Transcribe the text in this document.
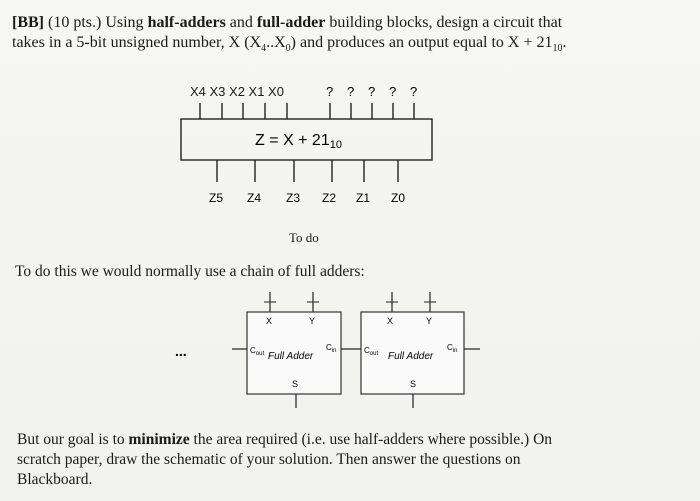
[BB] (10 pts.) Using half-adders and full-adder building blocks, design a circuit that
takes in a 5-bit unsigned number, X $(X_4..X_0)$ and produces an output equal to $X + 21_{10}$.
X4 X3 X2 X1 X0	? ? ? ? ?
Z = X + 2110
Z5 Z4 Z3 Z2 Z1 Z0
To do
To do this we would normally use a chain of full adders:
...
X	Y
$C_{out}$
$C_{in}$
Full Adder
S
X	Y
$C_{out}$
$C_{in}$
Full Adder
S
But our goal is to minimize the area required (i.e. use half-adders where possible.) On
scratch paper, draw the schematic of your solution. Then answer the questions on
Blackboard.
